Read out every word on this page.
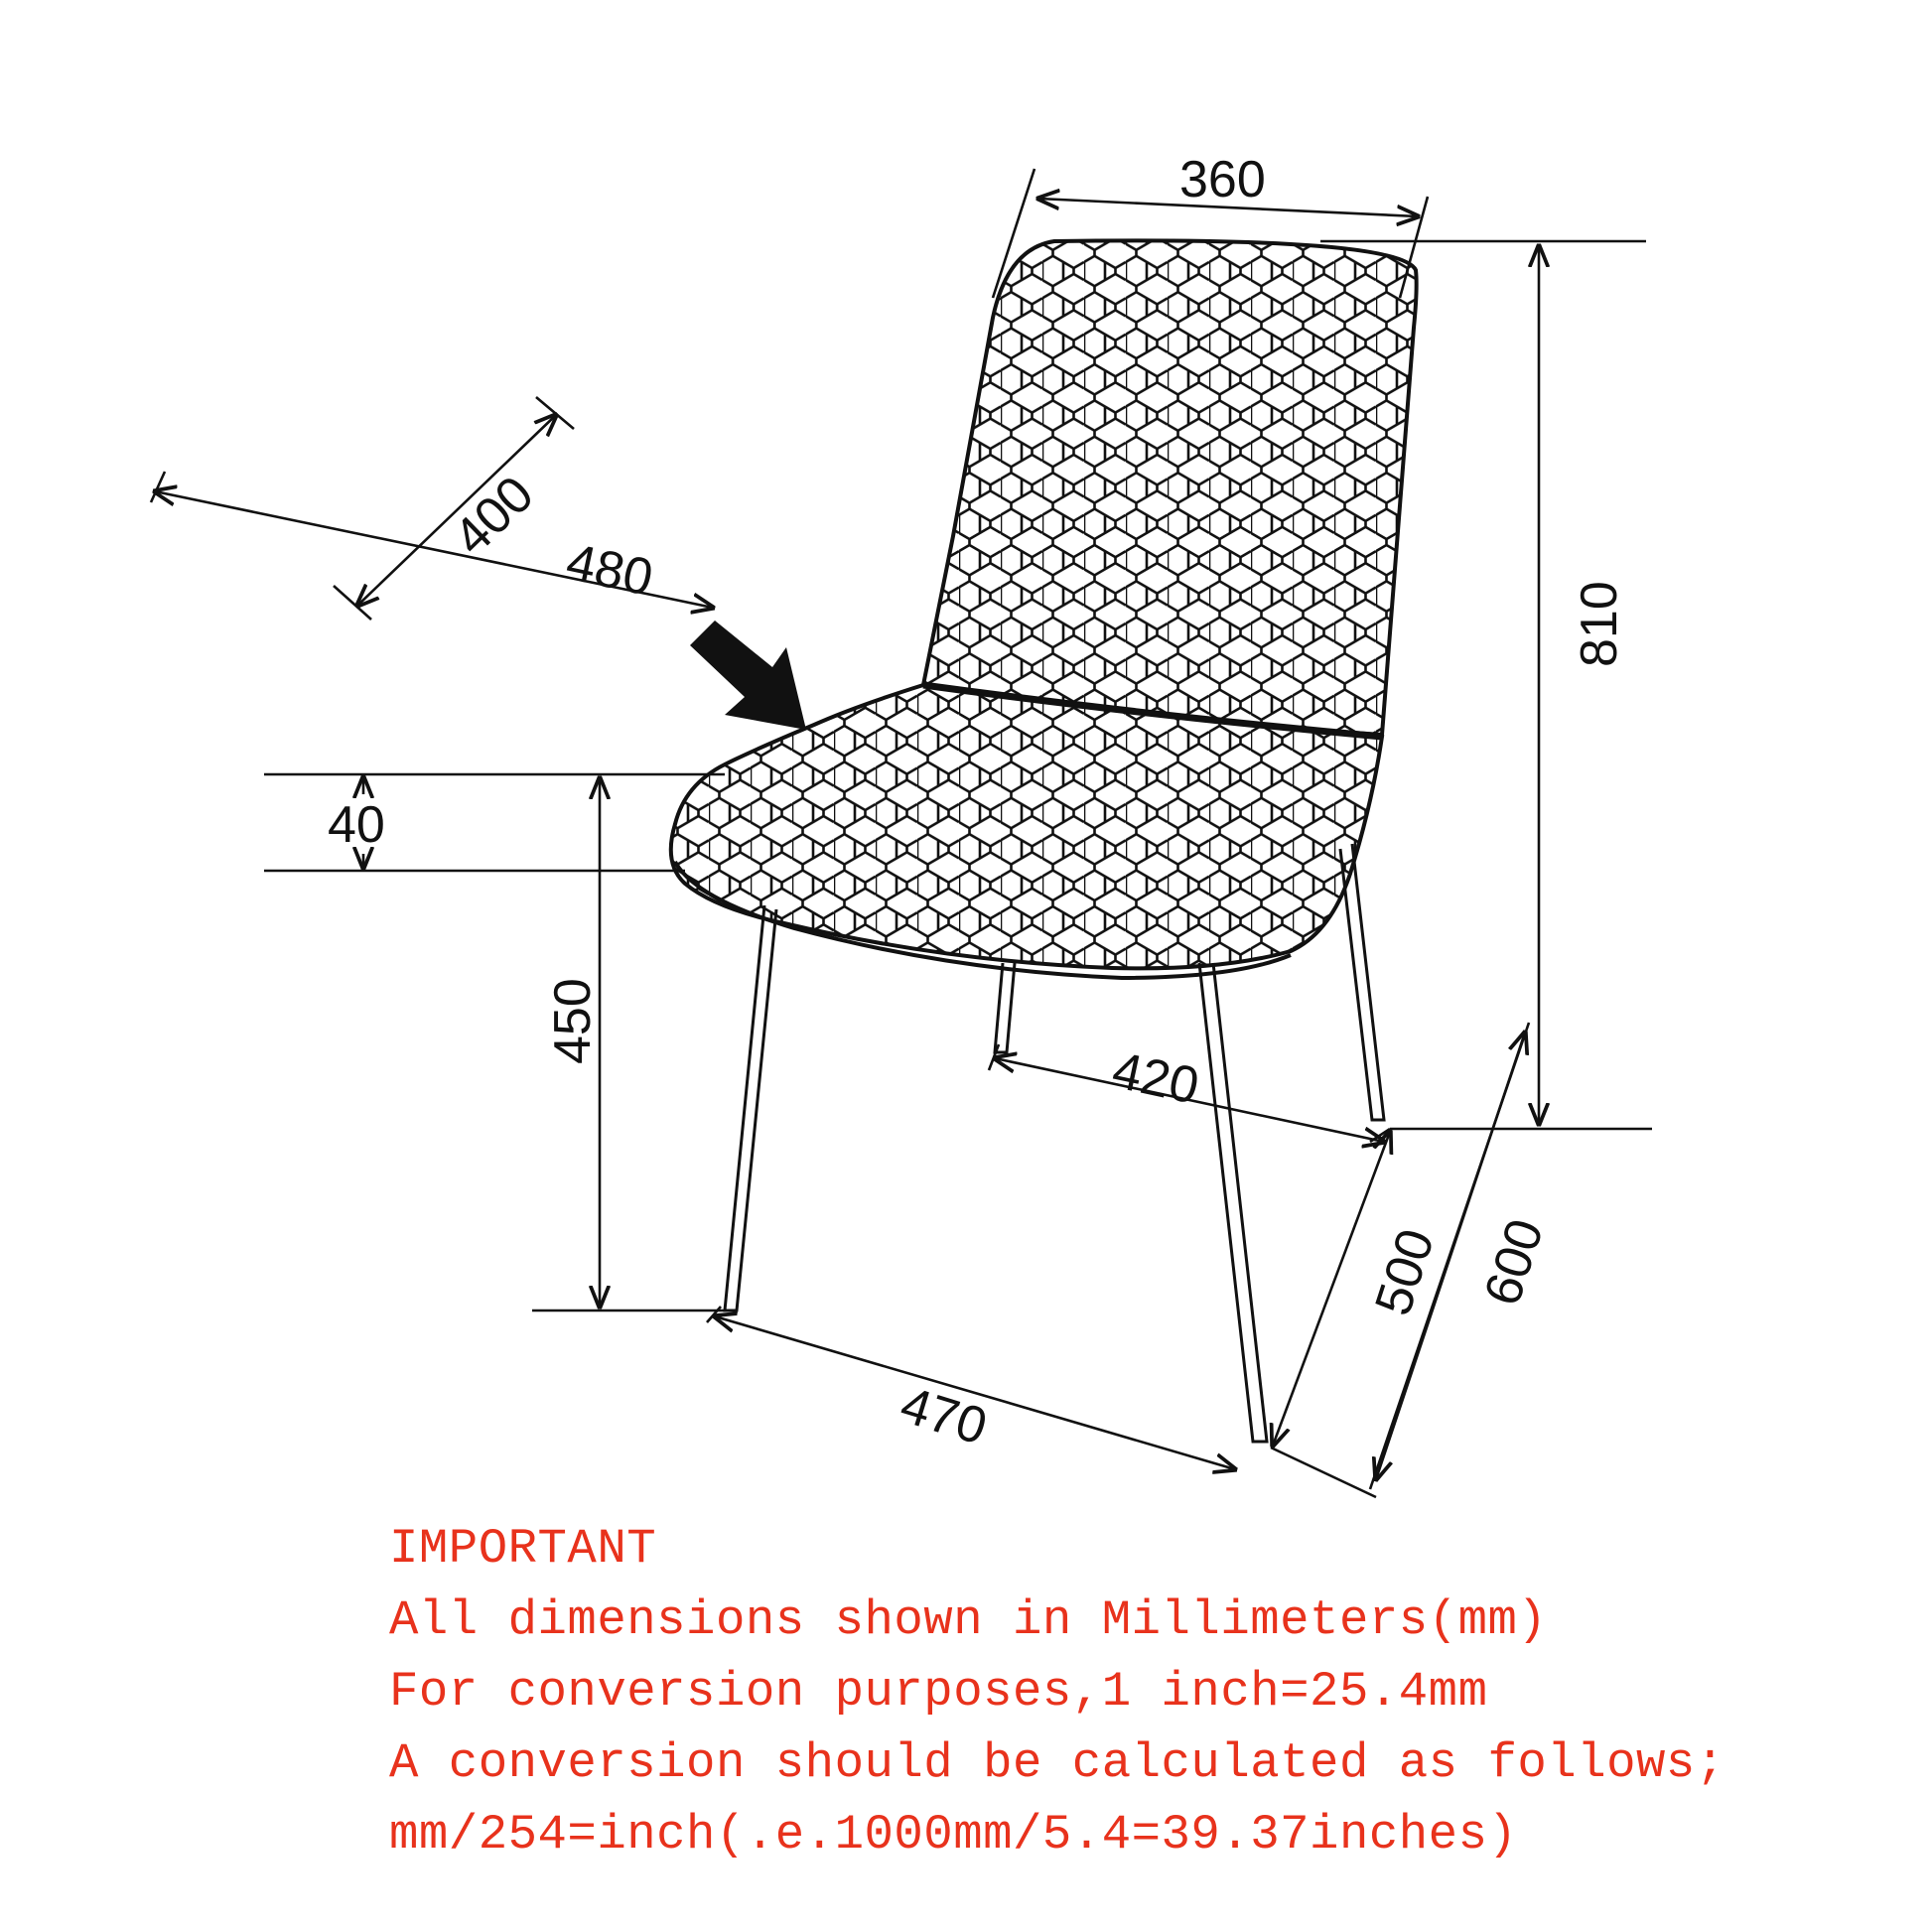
360
810
400
480
40
450
420
470
500 600
IMPORTANT
All dimensions shown in Millimeters(mm)
For conversion purposes,1 inch=25.4mm
A conversion should be calculated as follows;
mm/254=inch(.e.1000mm/5.4=39.37inches)
